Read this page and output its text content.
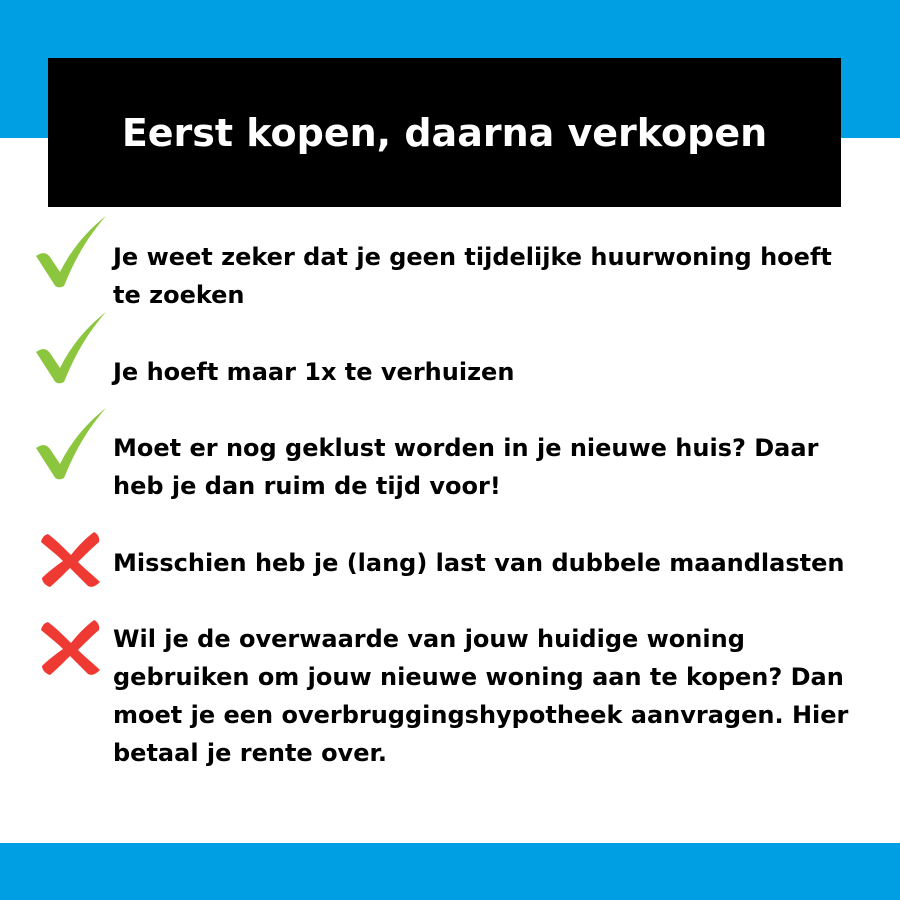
Eerst kopen, daarna verkopen
Je weet zeker dat je geen tijdelijke huurwoning hoeft te zoeken
Je hoeft maar 1x te verhuizen
Moet er nog geklust worden in je nieuwe huis? Daar heb je dan ruim de tijd voor!
Misschien heb je (lang) last van dubbele maandlasten
Wil je de overwaarde van jouw huidige woning gebruiken om jouw nieuwe woning aan te kopen? Dan moet je een overbruggingshypotheek aanvragen. Hier betaal je rente over.
